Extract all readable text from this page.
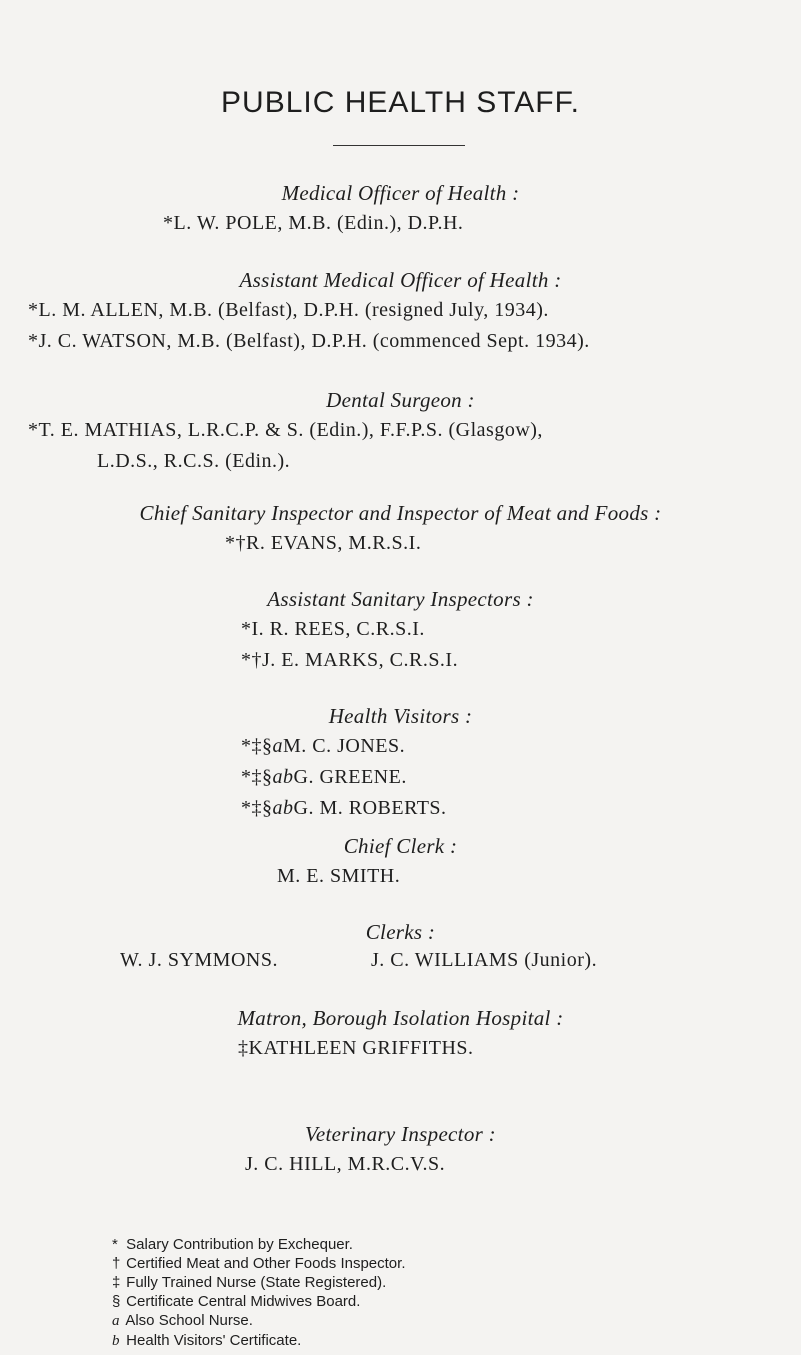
PUBLIC HEALTH STAFF.
Medical Officer of Health :
*L. W. POLE, M.B. (Edin.), D.P.H.
Assistant Medical Officer of Health :
*L. M. ALLEN, M.B. (Belfast), D.P.H. (resigned July, 1934).
*J. C. WATSON, M.B. (Belfast), D.P.H. (commenced Sept. 1934).
Dental Surgeon :
*T. E. MATHIAS, L.R.C.P. & S. (Edin.), F.F.P.S. (Glasgow),
L.D.S., R.C.S. (Edin.).
Chief Sanitary Inspector and Inspector of Meat and Foods :
*†R. EVANS, M.R.S.I.
Assistant Sanitary Inspectors :
*I. R. REES, C.R.S.I.
*†J. E. MARKS, C.R.S.I.
Health Visitors :
*‡§aM. C. JONES.
*‡§abG. GREENE.
*‡§abG. M. ROBERTS.
Chief Clerk :
M. E. SMITH.
Clerks :
W. J. SYMMONS.	J. C. WILLIAMS (Junior).
Matron, Borough Isolation Hospital :
‡KATHLEEN GRIFFITHS.
Veterinary Inspector :
J. C. HILL, M.R.C.V.S.
* Salary Contribution by Exchequer.
† Certified Meat and Other Foods Inspector.
‡ Fully Trained Nurse (State Registered).
§ Certificate Central Midwives Board.
a Also School Nurse.
b Health Visitors' Certificate.
